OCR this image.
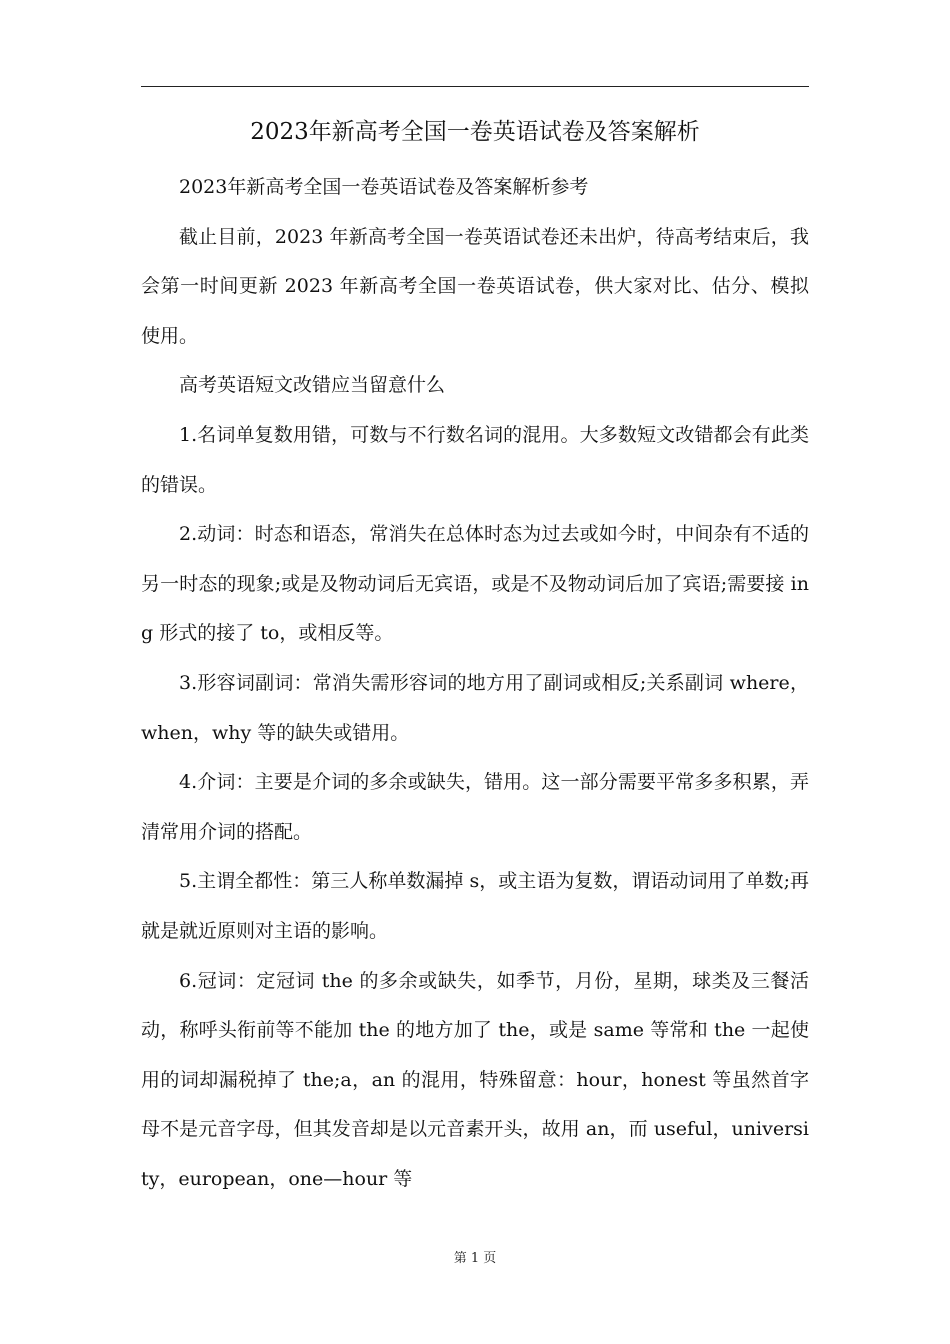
2023年新高考全国一卷英语试卷及答案解析

2023年新高考全国一卷英语试卷及答案解析参考

截止目前，2023 年新高考全国一卷英语试卷还未出炉，待高考结束后，我会第一时间更新 2023 年新高考全国一卷英语试卷，供大家对比、估分、模拟使用。

高考英语短文改错应当留意什么

1.名词单复数用错，可数与不行数名词的混用。大多数短文改错都会有此类的错误。

2.动词：时态和语态，常消失在总体时态为过去或如今时，中间杂有不适的另一时态的现象;或是及物动词后无宾语，或是不及物动词后加了宾语;需要接 ing 形式的接了 to，或相反等。

3.形容词副词：常消失需形容词的地方用了副词或相反;关系副词 where，when，why 等的缺失或错用。

4.介词：主要是介词的多余或缺失，错用。这一部分需要平常多多积累，弄清常用介词的搭配。

5.主谓全都性：第三人称单数漏掉 s，或主语为复数，谓语动词用了单数;再就是就近原则对主语的影响。

6.冠词：定冠词 the 的多余或缺失，如季节，月份，星期，球类及三餐活动，称呼头衔前等不能加 the 的地方加了 the，或是 same 等常和 the 一起使用的词却漏税掉了 the;a，an 的混用，特殊留意：hour，honest 等虽然首字母不是元音字母，但其发音却是以元音素开头，故用 an，而 useful，university，european，one—hour 等

第 1 页
